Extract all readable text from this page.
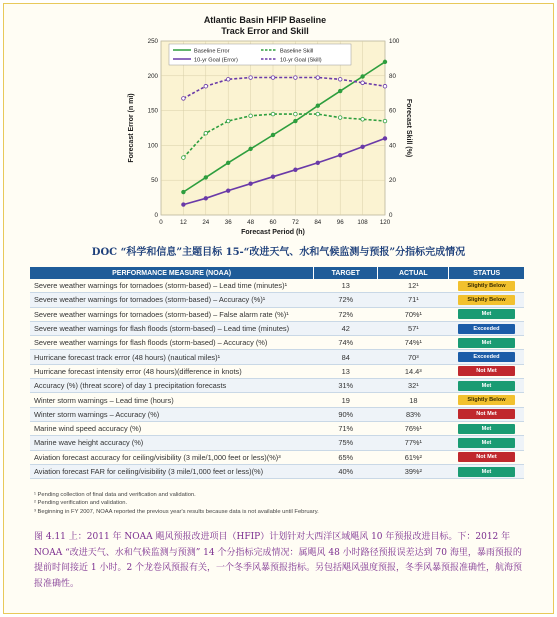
Atlantic Basin HFIP Baseline
Track Error and Skill
0	12	24	36	48	60	72	84	96 108 120
0
50
100
150
200
250
0
20
40
60
80
100
Baseline Error
10-yr Goal (Error)
Baseline Skill
10-yr Goal (Skill)
Forecast Error (n mi)	Forecast Skill (%)
Forecast Period (h)
DOC “科学和信息”主题目标 15-“改进天气、水和气候监测与预报”分指标完成情况
PERFORMANCE MEASURE (NOAA)	TARGET	ACTUAL	STATUS
Severe weather warnings for tornadoes (storm-based) – Lead time (minutes)¹	13	12¹	Slightly Below

Severe weather warnings for tornadoes (storm-based) – Accuracy (%)¹	72%	71¹	Slightly Below

Severe weather warnings for tornadoes (storm-based) – False alarm rate (%)¹	72%	70%¹	Met

Severe weather warnings for flash floods (storm-based) – Lead time (minutes)	42	57¹	Exceeded

Severe weather warnings for flash floods (storm-based) – Accuracy (%)	74%	74%¹	Met

Hurricane forecast track error (48 hours) (nautical miles)¹	84	70³	Exceeded

Hurricane forecast intensity error (48 hours)(difference in knots)	13	14.4³	Not Met

Accuracy (%) (threat score) of day 1 precipitation forecasts	31%	32¹	Met

Winter storm warnings – Lead time (hours)	19	18	Slightly Below

Winter storm warnings – Accuracy (%)	90%	83%	Not Met

Marine wind speed accuracy (%)	71%	76%¹	Met

Marine wave height accuracy (%)	75%	77%¹	Met

Aviation forecast accuracy for ceiling/visibility (3 mile/1,000 feet or less)(%)³	65%	61%²	Not Met

Aviation forecast FAR for ceiling/visibility (3 mile/1,000 feet or less)(%)	40%	39%²	Met
¹ Pending collection of final data and verification and validation.
² Pending verification and validation.
³ Beginning in FY 2007, NOAA reported the previous year's results because data is not available until February.
图 4.11 上：2011 年 NOAA 飓风预报改进项目（HFIP）计划针对大西洋区域飓风 10 年预报改进目标。下：2012 年 NOAA “改进天气、水和气候监测与预测” 14 个分指标完成情况：属飓风 48 小时路径预报误差达到 70 海里，暴雨预报的提前时间接近 1 小时。2 个龙卷风预报有关，一个冬季风暴预报指标。另包括飓风强度预报，冬季风暴预报准确性，航海预报准确性。
